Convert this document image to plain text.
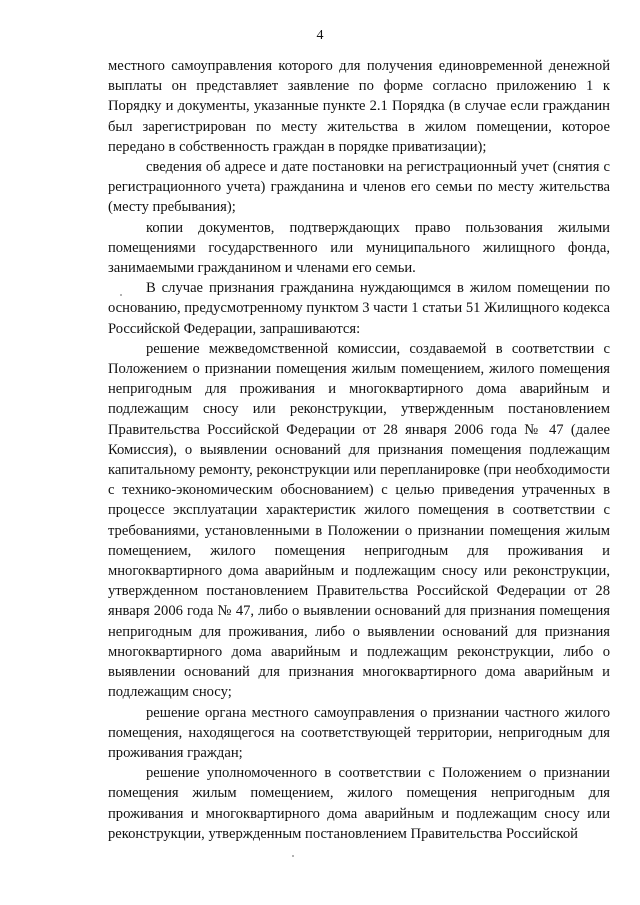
4

местного самоуправления которого для получения единовременной денежной выплаты он представляет заявление по форме согласно приложению 1 к Порядку и документы, указанные пункте 2.1 Порядка (в случае если гражданин был зарегистрирован по месту жительства в жилом помещении, которое передано в собственность граждан в порядке приватизации);

сведения об адресе и дате постановки на регистрационный учет (снятия с регистрационного учета) гражданина и членов его семьи по месту жительства (месту пребывания);

копии документов, подтверждающих право пользования жилыми помещениями государственного или муниципального жилищного фонда, занимаемыми гражданином и членами его семьи.

В случае признания гражданина нуждающимся в жилом помещении по основанию, предусмотренному пунктом 3 части 1 статьи 51 Жилищного кодекса Российской Федерации, запрашиваются:

решение межведомственной комиссии, создаваемой в соответствии с Положением о признании помещения жилым помещением, жилого помещения непригодным для проживания и многоквартирного дома аварийным и подлежащим сносу или реконструкции, утвержденным постановлением Правительства Российской Федерации от 28 января 2006 года № 47 (далее Комиссия), о выявлении оснований для признания помещения подлежащим капитальному ремонту, реконструкции или перепланировке (при необходимости с технико-экономическим обоснованием) с целью приведения утраченных в процессе эксплуатации характеристик жилого помещения в соответствии с требованиями, установленными в Положении о признании помещения жилым помещением, жилого помещения непригодным для проживания и многоквартирного дома аварийным и подлежащим сносу или реконструкции, утвержденном постановлением Правительства Российской Федерации от 28 января 2006 года № 47, либо о выявлении оснований для признания помещения непригодным для проживания, либо о выявлении оснований для признания многоквартирного дома аварийным и подлежащим реконструкции, либо о выявлении оснований для признания многоквартирного дома аварийным и подлежащим сносу;

решение органа местного самоуправления о признании частного жилого помещения, находящегося на соответствующей территории, непригодным для проживания граждан;

решение уполномоченного в соответствии с Положением о признании помещения жилым помещением, жилого помещения непригодным для проживания и многоквартирного дома аварийным и подлежащим сносу или реконструкции, утвержденным постановлением Правительства Российской
